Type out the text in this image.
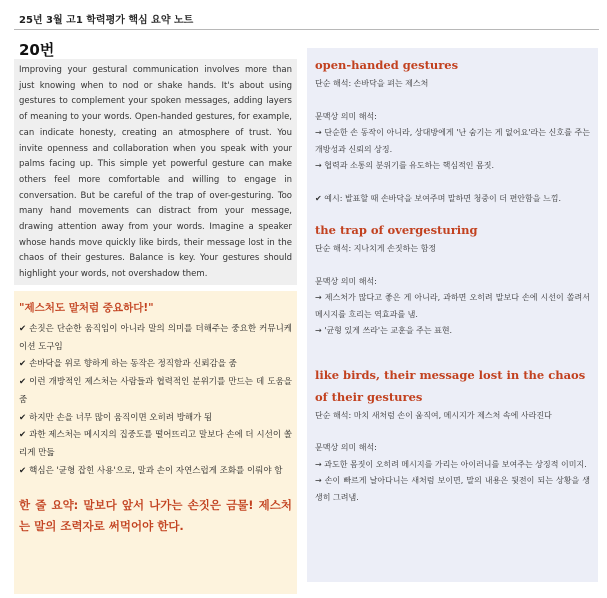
25년 3월 고1 학력평가 핵심 요약 노트
20번

Improving your gestural communication involves more than just knowing when to nod or shake hands. It's about using gestures to complement your spoken messages, adding layers of meaning to your words. Open-handed gestures, for example, can indicate honesty, creating an atmosphere of trust. You invite openness and collaboration when you speak with your palms facing up. This simple yet powerful gesture can make others feel more comfortable and willing to engage in conversation. But be careful of the trap of over-gesturing. Too many hand movements can distract from your message, drawing attention away from your words. Imagine a speaker whose hands move quickly like birds, their message lost in the chaos of their gestures. Balance is key. Your gestures should highlight your words, not overshadow them.

"제스처도 말처럼 중요하다!"
✔ 손짓은 단순한 움직임이 아니라 말의 의미를 더해주는 중요한 커뮤니케이션 도구임
✔ 손바닥을 위로 향하게 하는 동작은 정직함과 신뢰감을 줌
✔ 이런 개방적인 제스처는 사람들과 협력적인 분위기를 만드는 데 도움을 줌
✔ 하지만 손을 너무 많이 움직이면 오히려 방해가 됨
✔ 과한 제스처는 메시지의 집중도를 떨어뜨리고 말보다 손에 더 시선이 쏠리게 만듦
✔ 핵심은 '균형 잡힌 사용'으로, 말과 손이 자연스럽게 조화를 이뤄야 함
한 줄 요약: 말보다 앞서 나가는 손짓은 금물! 제스처는 말의 조력자로 써먹어야 한다.
open-handed gestures
단순 해석: 손바닥을 펴는 제스처
문맥상 의미 해석:
→ 단순한 손 동작이 아니라, 상대방에게 '난 숨기는 게 없어요'라는 신호를 주는 개방성과 신뢰의 상징.
→ 협력과 소통의 분위기를 유도하는 핵심적인 몸짓.
✔ 예시: 발표할 때 손바닥을 보여주며 말하면 청중이 더 편안함을 느낌.
the trap of overgesturing
단순 해석: 지나치게 손짓하는 함정
문맥상 의미 해석:
→ 제스처가 많다고 좋은 게 아니라, 과하면 오히려 말보다 손에 시선이 쏠려서 메시지를 흐리는 역효과를 냄.
→ '균형 있게 쓰라'는 교훈을 주는 표현.
like birds, their message lost in the chaos of their gestures
단순 해석: 마치 새처럼 손이 움직여, 메시지가 제스처 속에 사라진다
문맥상 의미 해석:
→ 과도한 몸짓이 오히려 메시지를 가리는 아이러니를 보여주는 상징적 이미지.
→ 손이 빠르게 날아다니는 새처럼 보이면, 말의 내용은 뒷전이 되는 상황을 생생히 그려냄.
